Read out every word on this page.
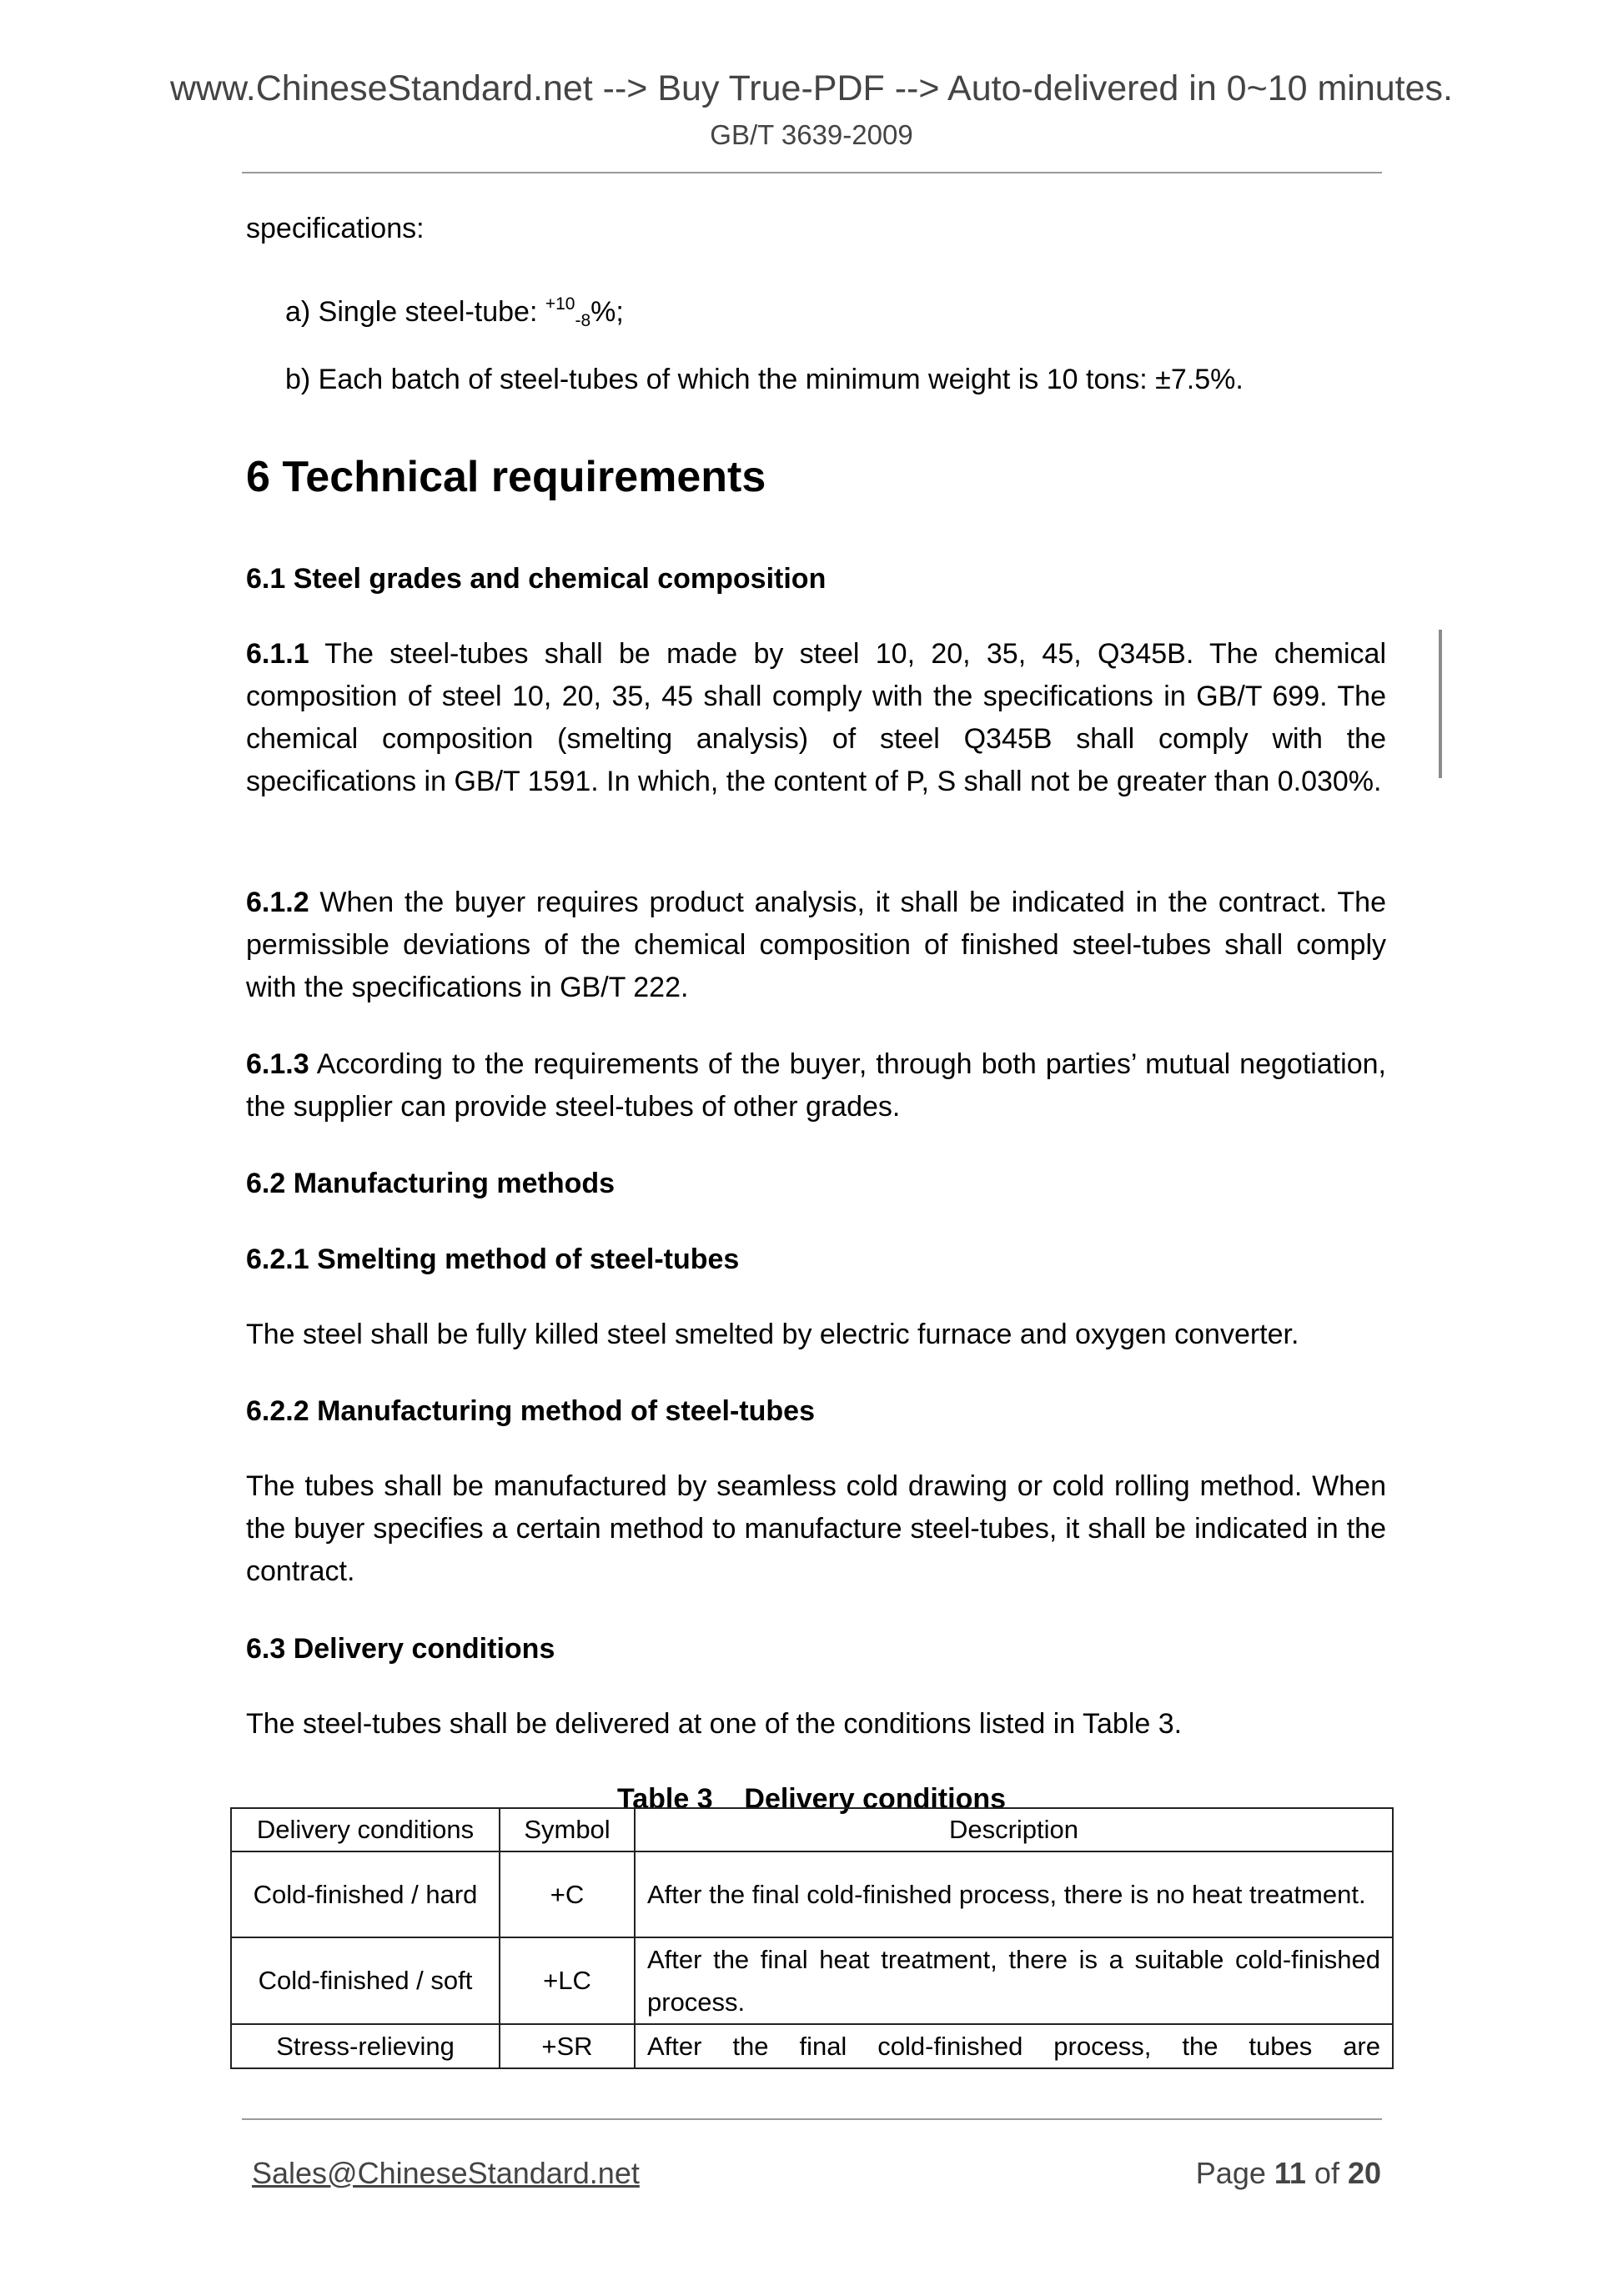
www.ChineseStandard.net --> Buy True-PDF --> Auto-delivered in 0~10 minutes.
GB/T 3639-2009
specifications:
a) Single steel-tube: $^{+10}_{-8}$%;
b) Each batch of steel-tubes of which the minimum weight is 10 tons: ±7.5%.
6 Technical requirements
6.1 Steel grades and chemical composition
6.1.1 The steel-tubes shall be made by steel 10, 20, 35, 45, Q345B. The chemical composition of steel 10, 20, 35, 45 shall comply with the specifications in GB/T 699. The chemical composition (smelting analysis) of steel Q345B shall comply with the specifications in GB/T 1591. In which, the content of P, S shall not be greater than 0.030%.
6.1.2 When the buyer requires product analysis, it shall be indicated in the contract. The permissible deviations of the chemical composition of finished steel-tubes shall comply with the specifications in GB/T 222.
6.1.3 According to the requirements of the buyer, through both parties’ mutual negotiation, the supplier can provide steel-tubes of other grades.
6.2 Manufacturing methods
6.2.1 Smelting method of steel-tubes
The steel shall be fully killed steel smelted by electric furnace and oxygen converter.
6.2.2 Manufacturing method of steel-tubes
The tubes shall be manufactured by seamless cold drawing or cold rolling method. When the buyer specifies a certain method to manufacture steel-tubes, it shall be indicated in the contract.
6.3 Delivery conditions
The steel-tubes shall be delivered at one of the conditions listed in Table 3.
Table 3    Delivery conditions
Delivery conditions	Symbol	Description
Cold-finished / hard	+C	After the final cold-finished process, there is no heat treatment.
Cold-finished / soft	+LC	After the final heat treatment, there is a suitable cold-finished process.
Stress-relieving	+SR	After the final cold-finished process, the tubes are
Sales@ChineseStandard.net	Page 11 of 20
